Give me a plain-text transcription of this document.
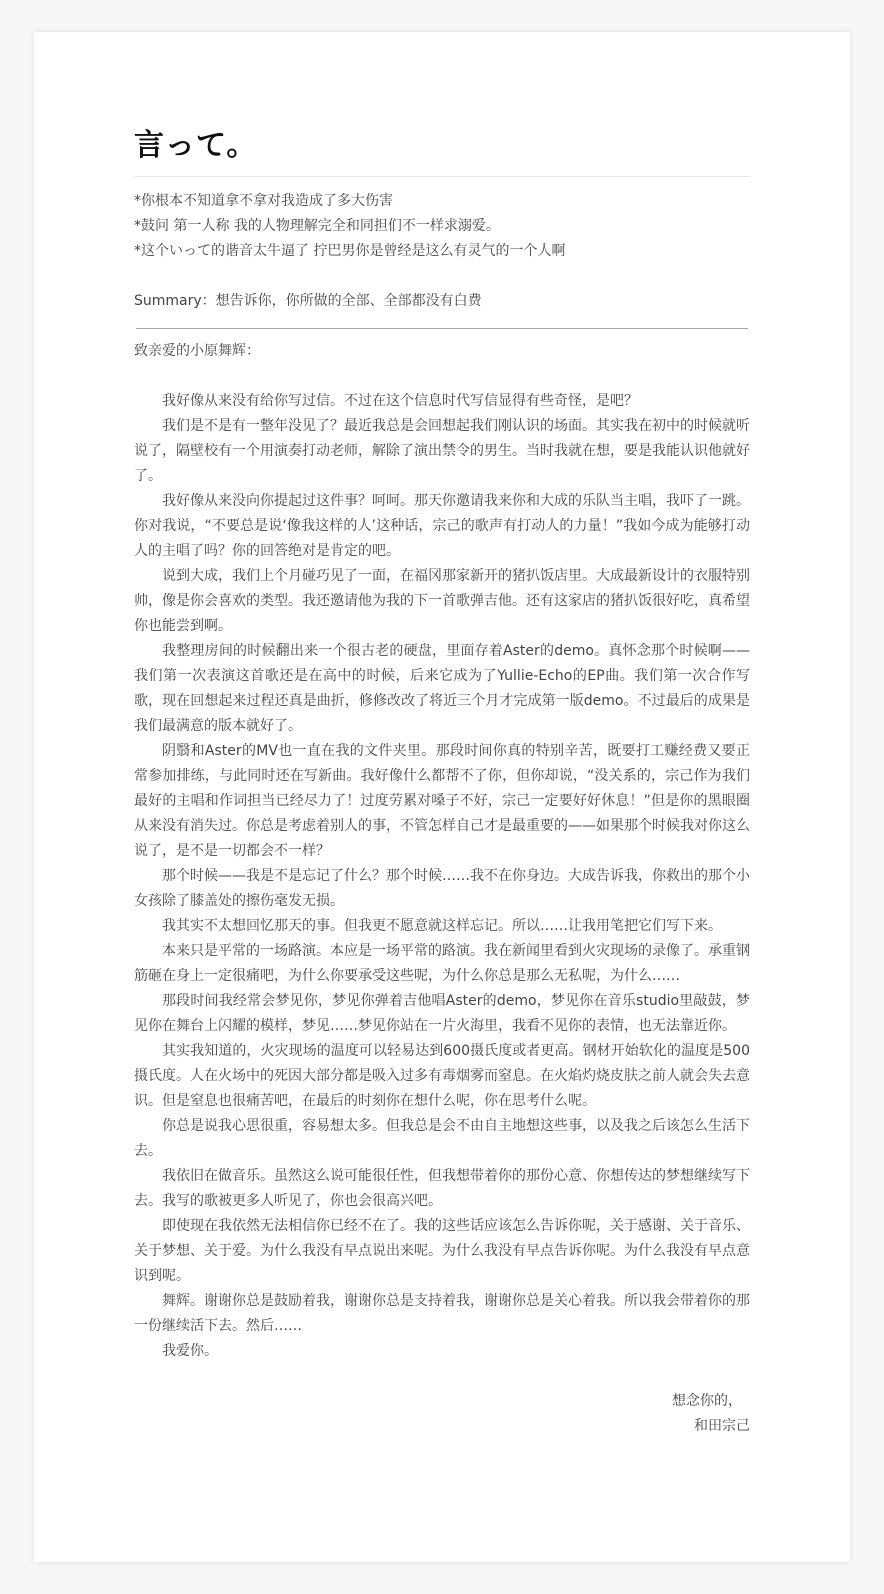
言って。
*你根本不知道拿不拿对我造成了多大伤害
*鼓问 第一人称 我的人物理解完全和同担们不一样求溺爱。
*这个いって的谐音太牛逼了 拧巴男你是曾经是这么有灵气的一个人啊
Summary：想告诉你，你所做的全部、全部都没有白费
致亲爱的小原舞辉：

我好像从来没有给你写过信。不过在这个信息时代写信显得有些奇怪，是吧？

我们是不是有一整年没见了？最近我总是会回想起我们刚认识的场面。其实我在初中的时候就听说了，隔壁校有一个用演奏打动老师，解除了演出禁令的男生。当时我就在想，要是我能认识他就好了。

我好像从来没向你提起过这件事？呵呵。那天你邀请我来你和大成的乐队当主唱，我吓了一跳。你对我说，“不要总是说‘像我这样的人’这种话，宗己的歌声有打动人的力量！”我如今成为能够打动人的主唱了吗？你的回答绝对是肯定的吧。

说到大成，我们上个月碰巧见了一面，在福冈那家新开的猪扒饭店里。大成最新设计的衣服特别帅，像是你会喜欢的类型。我还邀请他为我的下一首歌弹吉他。还有这家店的猪扒饭很好吃，真希望你也能尝到啊。

我整理房间的时候翻出来一个很古老的硬盘，里面存着Aster的demo。真怀念那个时候啊——我们第一次表演这首歌还是在高中的时候，后来它成为了Yullie-Echo的EP曲。我们第一次合作写歌，现在回想起来过程还真是曲折，修修改改了将近三个月才完成第一版demo。不过最后的成果是我们最满意的版本就好了。

阴翳和Aster的MV也一直在我的文件夹里。那段时间你真的特别辛苦，既要打工赚经费又要正常参加排练，与此同时还在写新曲。我好像什么都帮不了你，但你却说，“没关系的，宗己作为我们最好的主唱和作词担当已经尽力了！过度劳累对嗓子不好，宗己一定要好好休息！”但是你的黑眼圈从来没有消失过。你总是考虑着别人的事，不管怎样自己才是最重要的——如果那个时候我对你这么说了，是不是一切都会不一样？

那个时候——我是不是忘记了什么？那个时候……我不在你身边。大成告诉我，你救出的那个小女孩除了膝盖处的擦伤毫发无损。

我其实不太想回忆那天的事。但我更不愿意就这样忘记。所以……让我用笔把它们写下来。

本来只是平常的一场路演。本应是一场平常的路演。我在新闻里看到火灾现场的录像了。承重钢筋砸在身上一定很痛吧，为什么你要承受这些呢，为什么你总是那么无私呢，为什么……

那段时间我经常会梦见你，梦见你弹着吉他唱Aster的demo，梦见你在音乐studio里敲鼓，梦见你在舞台上闪耀的模样，梦见……梦见你站在一片火海里，我看不见你的表情，也无法靠近你。

其实我知道的，火灾现场的温度可以轻易达到600摄氏度或者更高。钢材开始软化的温度是500摄氏度。人在火场中的死因大部分都是吸入过多有毒烟雾而窒息。在火焰灼烧皮肤之前人就会失去意识。但是窒息也很痛苦吧，在最后的时刻你在想什么呢，你在思考什么呢。

你总是说我心思很重，容易想太多。但我总是会不由自主地想这些事，以及我之后该怎么生活下去。

我依旧在做音乐。虽然这么说可能很任性，但我想带着你的那份心意、你想传达的梦想继续写下去。我写的歌被更多人听见了，你也会很高兴吧。

即使现在我依然无法相信你已经不在了。我的这些话应该怎么告诉你呢，关于感谢、关于音乐、关于梦想、关于爱。为什么我没有早点说出来呢。为什么我没有早点告诉你呢。为什么我没有早点意识到呢。

舞辉。谢谢你总是鼓励着我，谢谢你总是支持着我，谢谢你总是关心着我。所以我会带着你的那一份继续活下去。然后……

我爱你。

想念你的，
和田宗己
